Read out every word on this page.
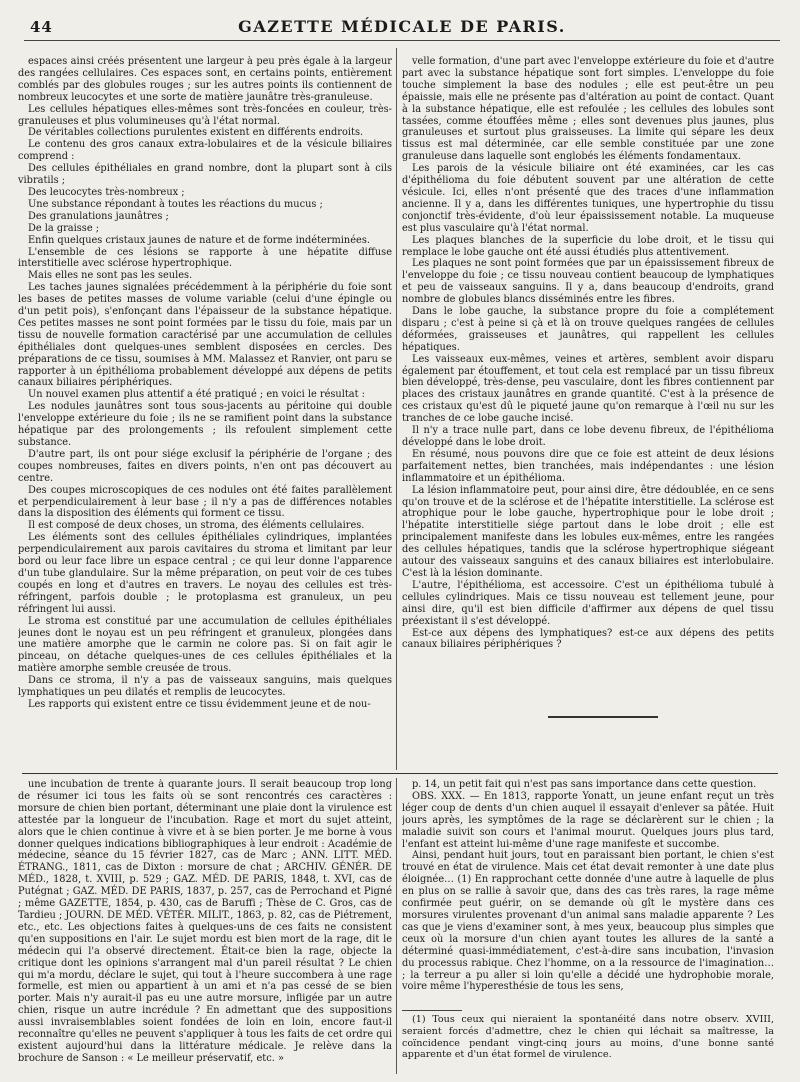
44	GAZETTE MÉDICALE DE PARIS.

espaces ainsi créés présentent une largeur à peu près égale à la largeur des rangées cellulaires. Ces espaces sont, en certains points, entièrement comblés par des globules rouges ; sur les autres points ils contiennent de nombreux leucocytes et une sorte de matière jaunâtre très-granuleuse.

Les cellules hépatiques elles-mêmes sont très-foncées en couleur, très-granuleuses et plus volumineuses qu'à l'état normal.

De véritables collections purulentes existent en différents endroits.

Le contenu des gros canaux extra-lobulaires et de la vésicule biliaires comprend :

Des cellules épithéliales en grand nombre, dont la plupart sont à cils vibratils ;

Des leucocytes très-nombreux ;

Une substance répondant à toutes les réactions du mucus ;

Des granulations jaunâtres ;

De la graisse ;

Enfin quelques cristaux jaunes de nature et de forme indéterminées.

L'ensemble de ces lésions se rapporte à une hépatite diffuse interstitielle avec sclérose hypertrophique.

Mais elles ne sont pas les seules.

Les taches jaunes signalées précédemment à la périphérie du foie sont les bases de petites masses de volume variable (celui d'une épingle ou d'un petit pois), s'enfonçant dans l'épaisseur de la substance hépatique. Ces petites masses ne sont point formées par le tissu du foie, mais par un tissu de nouvelle formation caractérisé par une accumulation de cellules épithéliales dont quelques-unes semblent disposées en cercles. Des préparations de ce tissu, soumises à MM. Malassez et Ranvier, ont paru se rapporter à un épithélioma probablement développé aux dépens de petits canaux biliaires périphériques.

Un nouvel examen plus attentif a été pratiqué ; en voici le résultat :

Les nodules jaunâtres sont tous sous-jacents au péritoine qui double l'enveloppe extérieure du foie ; ils ne se ramifient point dans la substance hépatique par des prolongements ; ils refoulent simplement cette substance.

D'autre part, ils ont pour siége exclusif la périphérie de l'organe ; des coupes nombreuses, faites en divers points, n'en ont pas découvert au centre.

Des coupes microscopiques de ces nodules ont été faites parallèlement et perpendiculairement à leur base ; il n'y a pas de différences notables dans la disposition des éléments qui forment ce tissu.

Il est composé de deux choses, un stroma, des éléments cellulaires.

Les éléments sont des cellules épithéliales cylindriques, implantées perpendiculairement aux parois cavitaires du stroma et limitant par leur bord ou leur face libre un espace central ; ce qui leur donne l'apparence d'un tube glandulaire. Sur la même préparation, on peut voir de ces tubes coupés en long et d'autres en travers. Le noyau des cellules est très-réfringent, parfois double ; le protoplasma est granuleux, un peu réfringent lui aussi.

Le stroma est constitué par une accumulation de cellules épithéliales jeunes dont le noyau est un peu réfringent et granuleux, plongées dans une matière amorphe que le carmin ne colore pas. Si on fait agir le pinceau, on détache quelques-unes de ces cellules épithéliales et la matière amorphe semble creusée de trous.

Dans ce stroma, il n'y a pas de vaisseaux sanguins, mais quelques lymphatiques un peu dilatés et remplis de leucocytes.

Les rapports qui existent entre ce tissu évidemment jeune et de nou-

velle formation, d'une part avec l'enveloppe extérieure du foie et d'autre part avec la substance hépatique sont fort simples. L'enveloppe du foie touche simplement la base des nodules ; elle est peut-être un peu épaissie, mais elle ne présente pas d'altération au point de contact. Quant à la substance hépatique, elle est refoulée ; les cellules des lobules sont tassées, comme étouffées même ; elles sont devenues plus jaunes, plus granuleuses et surtout plus graisseuses. La limite qui sépare les deux tissus est mal déterminée, car elle semble constituée par une zone granuleuse dans laquelle sont englobés les éléments fondamentaux.

Les parois de la vésicule biliaire ont été examinées, car les cas d'épithélioma du foie débutent souvent par une altération de cette vésicule. Ici, elles n'ont présenté que des traces d'une inflammation ancienne. Il y a, dans les différentes tuniques, une hypertrophie du tissu conjonctif très-évidente, d'où leur épaississement notable. La muqueuse est plus vasculaire qu'à l'état normal.

Les plaques blanches de la superficie du lobe droit, et le tissu qui remplace le lobe gauche ont été aussi étudiés plus attentivement.

Les plaques ne sont point formées que par un épaississement fibreux de l'enveloppe du foie ; ce tissu nouveau contient beaucoup de lymphatiques et peu de vaisseaux sanguins. Il y a, dans beaucoup d'endroits, grand nombre de globules blancs disséminés entre les fibres.

Dans le lobe gauche, la substance propre du foie a complétement disparu ; c'est à peine si çà et là on trouve quelques rangées de cellules déformées, graisseuses et jaunâtres, qui rappellent les cellules hépatiques.

Les vaisseaux eux-mêmes, veines et artères, semblent avoir disparu également par étouffement, et tout cela est remplacé par un tissu fibreux bien développé, très-dense, peu vasculaire, dont les fibres contiennent par places des cristaux jaunâtres en grande quantité. C'est à la présence de ces cristaux qu'est dû le piqueté jaune qu'on remarque à l'œil nu sur les tranches de ce lobe gauche incisé.

Il n'y a trace nulle part, dans ce lobe devenu fibreux, de l'épithélioma développé dans le lobe droit.

En résumé, nous pouvons dire que ce foie est atteint de deux lésions parfaitement nettes, bien tranchées, mais indépendantes : une lésion inflammatoire et un épithélioma.

La lésion inflammatoire peut, pour ainsi dire, être dédoublée, en ce sens qu'on trouve et de la sclérose et de l'hépatite interstitielle. La sclérose est atrophique pour le lobe gauche, hypertrophique pour le lobe droit ; l'hépatite interstitielle siége partout dans le lobe droit ; elle est principalement manifeste dans les lobules eux-mêmes, entre les rangées des cellules hépatiques, tandis que la sclérose hypertrophique siégeant autour des vaisseaux sanguins et des canaux biliaires est interlobulaire. C'est là la lésion dominante.

L'autre, l'épithélioma, est accessoire. C'est un épithélioma tubulé à cellules cylindriques. Mais ce tissu nouveau est tellement jeune, pour ainsi dire, qu'il est bien difficile d'affirmer aux dépens de quel tissu préexistant il s'est développé.

Est-ce aux dépens des lymphatiques? est-ce aux dépens des petits canaux biliaires périphériques ?

une incubation de trente à quarante jours. Il serait beaucoup trop long de résumer ici tous les faits où se sont rencontrés ces caractères : morsure de chien bien portant, déterminant une plaie dont la virulence est attestée par la longueur de l'incubation. Rage et mort du sujet atteint, alors que le chien continue à vivre et à se bien porter. Je me borne à vous donner quelques indications bibliographiques à leur endroit : Académie de médecine, séance du 15 février 1827, cas de Marc ; ANN. LITT. MÉD. ÉTRANG., 1811, cas de Dixton : morsure de chat ; ARCHIV. GÉNÉR. DE MÉD., 1828, t. XVIII, p. 529 ; GAZ. MÉD. DE PARIS, 1848, t. XVI, cas de Putégnat ; GAZ. MÉD. DE PARIS, 1837, p. 257, cas de Perrochand et Pigné ; même GAZETTE, 1854, p. 430, cas de Baruffi ; Thèse de C. Gros, cas de Tardieu ; JOURN. DE MÉD. VÉTÉR. MILIT., 1863, p. 82, cas de Piétrement, etc., etc. Les objections faites à quelques-uns de ces faits ne consistent qu'en suppositions en l'air. Le sujet mordu est bien mort de la rage, dit le médecin qui l'a observé directement. Était-ce bien la rage, objecte la critique dont les opinions s'arrangent mal d'un pareil résultat ? Le chien qui m'a mordu, déclare le sujet, qui tout à l'heure succombera à une rage formelle, est mien ou appartient à un ami et n'a pas cessé de se bien porter. Mais n'y aurait-il pas eu une autre morsure, infligée par un autre chien, risque un autre incrédule ? En admettant que des suppositions aussi invraisemblables soient fondées de loin en loin, encore faut-il reconnaître qu'elles ne peuvent s'appliquer à tous les faits de cet ordre qui existent aujourd'hui dans la littérature médicale. Je relève dans la brochure de Sanson : « Le meilleur préservatif, etc. »

p. 14, un petit fait qui n'est pas sans importance dans cette question.

OBS. XXX. — En 1813, rapporte Yonatt, un jeune enfant reçut un très léger coup de dents d'un chien auquel il essayait d'enlever sa pâtée. Huit jours après, les symptômes de la rage se déclarèrent sur le chien ; la maladie suivit son cours et l'animal mourut. Quelques jours plus tard, l'enfant est atteint lui-même d'une rage manifeste et succombe.

Ainsi, pendant huit jours, tout en paraissant bien portant, le chien s'est trouvé en état de virulence. Mais cet état devait remonter à une date plus éloignée… (1) En rapprochant cette donnée d'une autre à laquelle de plus en plus on se rallie à savoir que, dans des cas très rares, la rage même confirmée peut guérir, on se demande où gît le mystère dans ces morsures virulentes provenant d'un animal sans maladie apparente ? Les cas que je viens d'examiner sont, à mes yeux, beaucoup plus simples que ceux où la morsure d'un chien ayant toutes les allures de la santé a déterminé quasi-immédiatement, c'est-à-dire sans incubation, l'invasion du processus rabique. Chez l'homme, on a la ressource de l'imagination… ; la terreur a pu aller si loin qu'elle a décidé une hydrophobie morale, voire même l'hyperesthésie de tous les sens,

(1) Tous ceux qui nieraient la spontanéité dans notre observ. XVIII, seraient forcés d'admettre, chez le chien qui léchait sa maîtresse, la coïncidence pendant vingt-cinq jours au moins, d'une bonne santé apparente et d'un état formel de virulence.
